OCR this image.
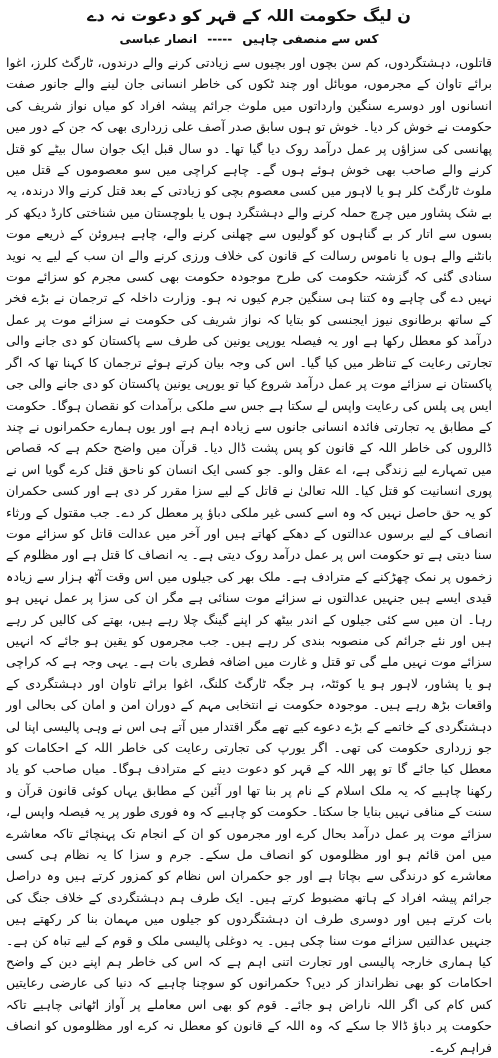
ن لیگ حکومت اللہ کے قہر کو دعوت نہ دے
کس سے منصفی چاہیں ----- انصار عباسی

قاتلوں، دہشتگردوں، کم سن بچوں اور بچیوں سے زیادتی کرنے والے درندوں، ٹارگٹ کلرز، اغوا برائے تاوان کے مجرموں، موبائل اور چند ٹکوں کی خاطر انسانی جان لینے والے جانور صفت انسانوں اور دوسرے سنگین وارداتوں میں ملوث جرائم پیشہ افراد کو میاں نواز شریف کی حکومت نے خوش کر دیا۔ خوش تو ہوں سابق صدر آصف علی زرداری بھی کہ جن کے دور میں پھانسی کی سزاؤں پر عمل درآمد روک دیا گیا تھا۔ دو سال قبل ایک جوان سال بیٹے کو قتل کرنے والے صاحب بھی خوش ہوئے ہوں گے۔ چاہے کراچی میں سو معصوموں کے قتل میں ملوث ٹارگٹ کلر ہو یا لاہور میں کسی معصوم بچی کو زیادتی کے بعد قتل کرنے والا درندہ، یہ بے شک پشاور میں چرچ حملہ کرنے والے دہشتگرد ہوں یا بلوچستان میں شناختی کارڈ دیکھ کر بسوں سے اتار کر بے گناہوں کو گولیوں سے چھلنی کرنے والے، چاہے ہیروئن کے ذریعے موت بانٹنے والے ہوں یا ناموس رسالت کے قانون کی خلاف ورزی کرنے والے ان سب کے لیے یہ نوید سنادی گئی کہ گزشتہ حکومت کی طرح موجودہ حکومت بھی کسی مجرم کو سزائے موت نہیں دے گی چاہے وہ کتنا ہی سنگین جرم کیوں نہ ہو۔ وزارت داخلہ کے ترجمان نے بڑے فخر کے ساتھ برطانوی نیوز ایجنسی کو بتایا کہ نواز شریف کی حکومت نے سزائے موت پر عمل درآمد کو معطل رکھا ہے اور یہ فیصلہ یورپی یونین کی طرف سے پاکستان کو دی جانے والی تجارتی رعایت کے تناظر میں کیا گیا۔ اس کی وجہ بیان کرتے ہوئے ترجمان کا کہنا تھا کہ اگر پاکستان نے سزائے موت پر عمل درآمد شروع کیا تو یورپی یونین پاکستان کو دی جانے والی جی ایس پی پلس کی رعایت واپس لے سکتا ہے جس سے ملکی برآمدات کو نقصان ہوگا۔ حکومت کے مطابق یہ تجارتی فائدہ انسانی جانوں سے زیادہ اہم ہے اور یوں ہمارے حکمرانوں نے چند ڈالروں کی خاطر اللہ کے قانون کو پس پشت ڈال دیا۔ قرآن میں واضح حکم ہے کہ قصاص میں تمہارے لیے زندگی ہے، اے عقل والو۔ جو کسی ایک انسان کو ناحق قتل کرے گویا اس نے پوری انسانیت کو قتل کیا۔ اللہ تعالیٰ نے قاتل کے لیے سزا مقرر کر دی ہے اور کسی حکمران کو یہ حق حاصل نہیں کہ وہ اسے کسی غیر ملکی دباؤ پر معطل کر دے۔ جب مقتول کے ورثاء انصاف کے لیے برسوں عدالتوں کے دھکے کھاتے ہیں اور آخر میں عدالت قاتل کو سزائے موت سنا دیتی ہے تو حکومت اس پر عمل درآمد روک دیتی ہے۔ یہ انصاف کا قتل ہے اور مظلوم کے زخموں پر نمک چھڑکنے کے مترادف ہے۔ ملک بھر کی جیلوں میں اس وقت آٹھ ہزار سے زیادہ قیدی ایسے ہیں جنہیں عدالتوں نے سزائے موت سنائی ہے مگر ان کی سزا پر عمل نہیں ہو رہا۔ ان میں سے کئی جیلوں کے اندر بیٹھ کر اپنے گینگ چلا رہے ہیں، بھتے کی کالیں کر رہے ہیں اور نئے جرائم کی منصوبہ بندی کر رہے ہیں۔ جب مجرموں کو یقین ہو جائے کہ انہیں سزائے موت نہیں ملے گی تو قتل و غارت میں اضافہ فطری بات ہے۔ یہی وجہ ہے کہ کراچی ہو یا پشاور، لاہور ہو یا کوئٹہ، ہر جگہ ٹارگٹ کلنگ، اغوا برائے تاوان اور دہشتگردی کے واقعات بڑھ رہے ہیں۔ موجودہ حکومت نے انتخابی مہم کے دوران امن و امان کی بحالی اور دہشتگردی کے خاتمے کے بڑے دعوے کیے تھے مگر اقتدار میں آتے ہی اس نے وہی پالیسی اپنا لی جو زرداری حکومت کی تھی۔ اگر یورپ کی تجارتی رعایت کی خاطر اللہ کے احکامات کو معطل کیا جائے گا تو پھر اللہ کے قہر کو دعوت دینے کے مترادف ہوگا۔ میاں صاحب کو یاد رکھنا چاہیے کہ یہ ملک اسلام کے نام پر بنا تھا اور آئین کے مطابق یہاں کوئی قانون قرآن و سنت کے منافی نہیں بنایا جا سکتا۔ حکومت کو چاہیے کہ وہ فوری طور پر یہ فیصلہ واپس لے، سزائے موت پر عمل درآمد بحال کرے اور مجرموں کو ان کے انجام تک پہنچائے تاکہ معاشرے میں امن قائم ہو اور مظلوموں کو انصاف مل سکے۔ جرم و سزا کا یہ نظام ہی کسی معاشرے کو درندگی سے بچاتا ہے اور جو حکمران اس نظام کو کمزور کرتے ہیں وہ دراصل جرائم پیشہ افراد کے ہاتھ مضبوط کرتے ہیں۔ ایک طرف ہم دہشتگردی کے خلاف جنگ کی بات کرتے ہیں اور دوسری طرف ان دہشتگردوں کو جیلوں میں مہمان بنا کر رکھتے ہیں جنہیں عدالتیں سزائے موت سنا چکی ہیں۔ یہ دوغلی پالیسی ملک و قوم کے لیے تباہ کن ہے۔ کیا ہماری خارجہ پالیسی اور تجارت اتنی اہم ہے کہ اس کی خاطر ہم اپنے دین کے واضح احکامات کو بھی نظرانداز کر دیں؟ حکمرانوں کو سوچنا چاہیے کہ دنیا کی عارضی رعایتیں کس کام کی اگر اللہ ناراض ہو جائے۔ قوم کو بھی اس معاملے پر آواز اٹھانی چاہیے تاکہ حکومت پر دباؤ ڈالا جا سکے کہ وہ اللہ کے قانون کو معطل نہ کرے اور مظلوموں کو انصاف فراہم کرے۔
